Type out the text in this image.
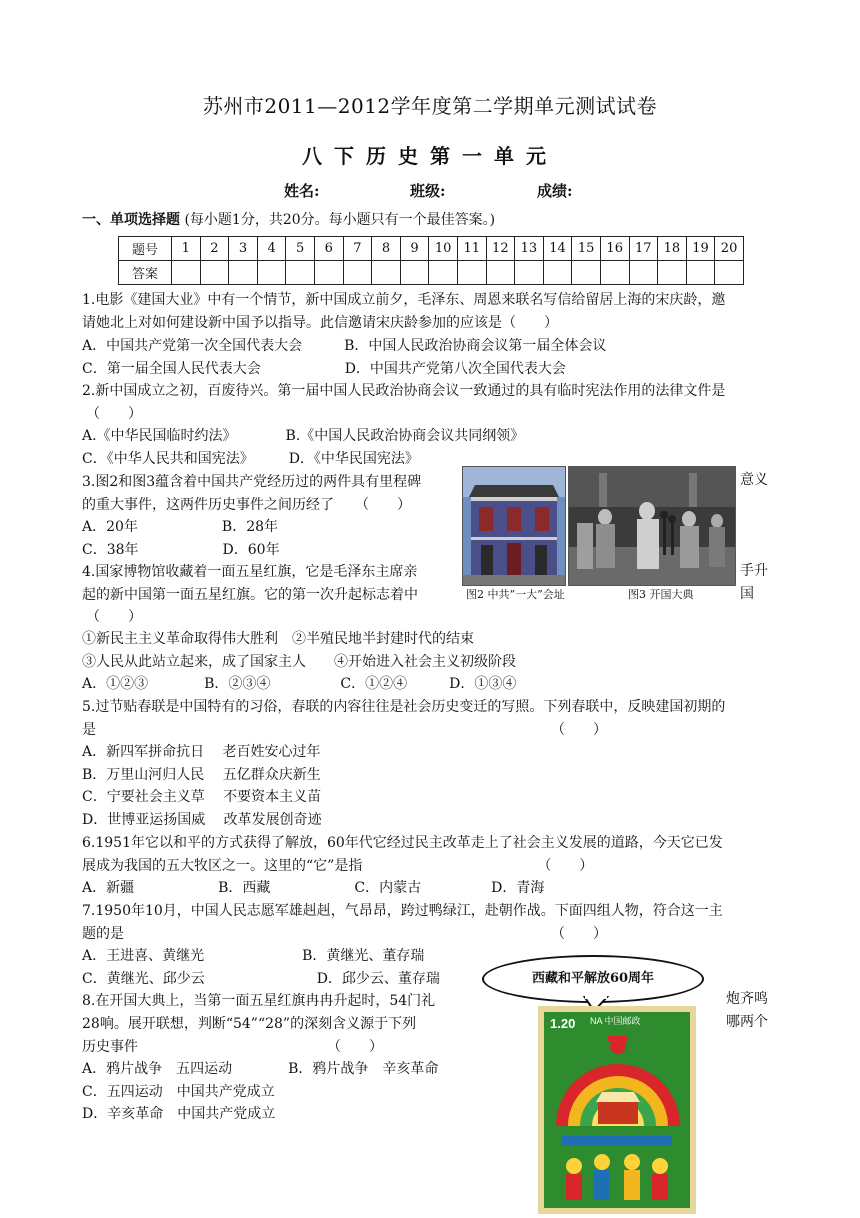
苏州市2011—2012学年度第二学期单元测试试卷
八下历史第一单元
姓名:	班级:	成绩:
一、单项选择题 (每小题1分，共20分。每小题只有一个最佳答案。)
题号	1	2	3	4	5	6	7	8	9	10	11	12	13	14	15	16	17	18	19	20
答案																				
1.电影《建国大业》中有一个情节，新中国成立前夕，毛泽东、周恩来联名写信给留居上海的宋庆龄，邀
请她北上对如何建设新中国予以指导。此信邀请宋庆龄参加的应该是（　　）
A．中国共产党第一次全国代表大会　　　B．中国人民政治协商会议第一届全体会议
C．第一届全国人民代表大会　　　　　　D．中国共产党第八次全国代表大会
2.新中国成立之初，百废待兴。第一届中国人民政治协商会议一致通过的具有临时宪法作用的法律文件是
（　　）
A.《中华民国临时约法》　　　　B.《中国人民政治协商会议共同纲领》
C．《中华人民共和国宪法》　　　D．《中华民国宪法》
3.图2和图3蕴含着中国共产党经历过的两件具有里程碑
的重大事件，这两件历史事件之间历经了　　（　　）
A．20年　　　　　　B．28年
C．38年　　　　　　D．60年
4.国家博物馆收藏着一面五星红旗，它是毛泽东主席亲
起的新中国第一面五星红旗。它的第一次升起标志着中
（　　）
①新民主主义革命取得伟大胜利　②半殖民地半封建时代的结束
③人民从此站立起来，成了国家主人　　④开始进入社会主义初级阶段
A．①②③　　　　B．②③④　　　　　C．①②④　　　D．①③④
5.过节贴春联是中国特有的习俗，春联的内容往往是社会历史变迁的写照。下列春联中，反映建国初期的
是　　　　　　　　　　　　　　　　　　　　　　　　　　　　　　　　　（　　）
A．新四军拼命抗日　 老百姓安心过年
B．万里山河归人民　 五亿群众庆新生
C．宁要社会主义草　 不要资本主义苗
D．世博亚运扬国威　 改革发展创奇迹
6.1951年它以和平的方式获得了解放，60年代它经过民主改革走上了社会主义发展的道路，今天它已发
展成为我国的五大牧区之一。这里的“它”是指　　　　　　　　　　　　　（　　）
A．新疆　　　　　　B．西藏　　　　　　C．内蒙古　　　　　D．青海
7.1950年10月，中国人民志愿军雄赳赳，气昂昂，跨过鸭绿江，赴朝作战。下面四组人物，符合这一主
题的是　　　　　　　　　　　　　　　　　　　　　　　　　　　　　　　（　　）
A．王进喜、黄继光　　　　　　　B．黄继光、董存瑞
C．黄继光、邱少云　　　　　　　　D．邱少云、董存瑞
8.在开国大典上，当第一面五星红旗冉冉升起时，54门礼
28响。展开联想，判断“54”“28”的深刻含义源于下列
历史事件　　　　　　　　　　　　　　（　　）
A．鸦片战争　五四运动　　　　B．鸦片战争　辛亥革命
C．五四运动　中国共产党成立
D．辛亥革命　中国共产党成立
意义
手升
国
炮齐鸣
哪两个
图2 中共“一大”会址	图3 开国大典
西藏和平解放60周年
1.20 NA 中国邮政
